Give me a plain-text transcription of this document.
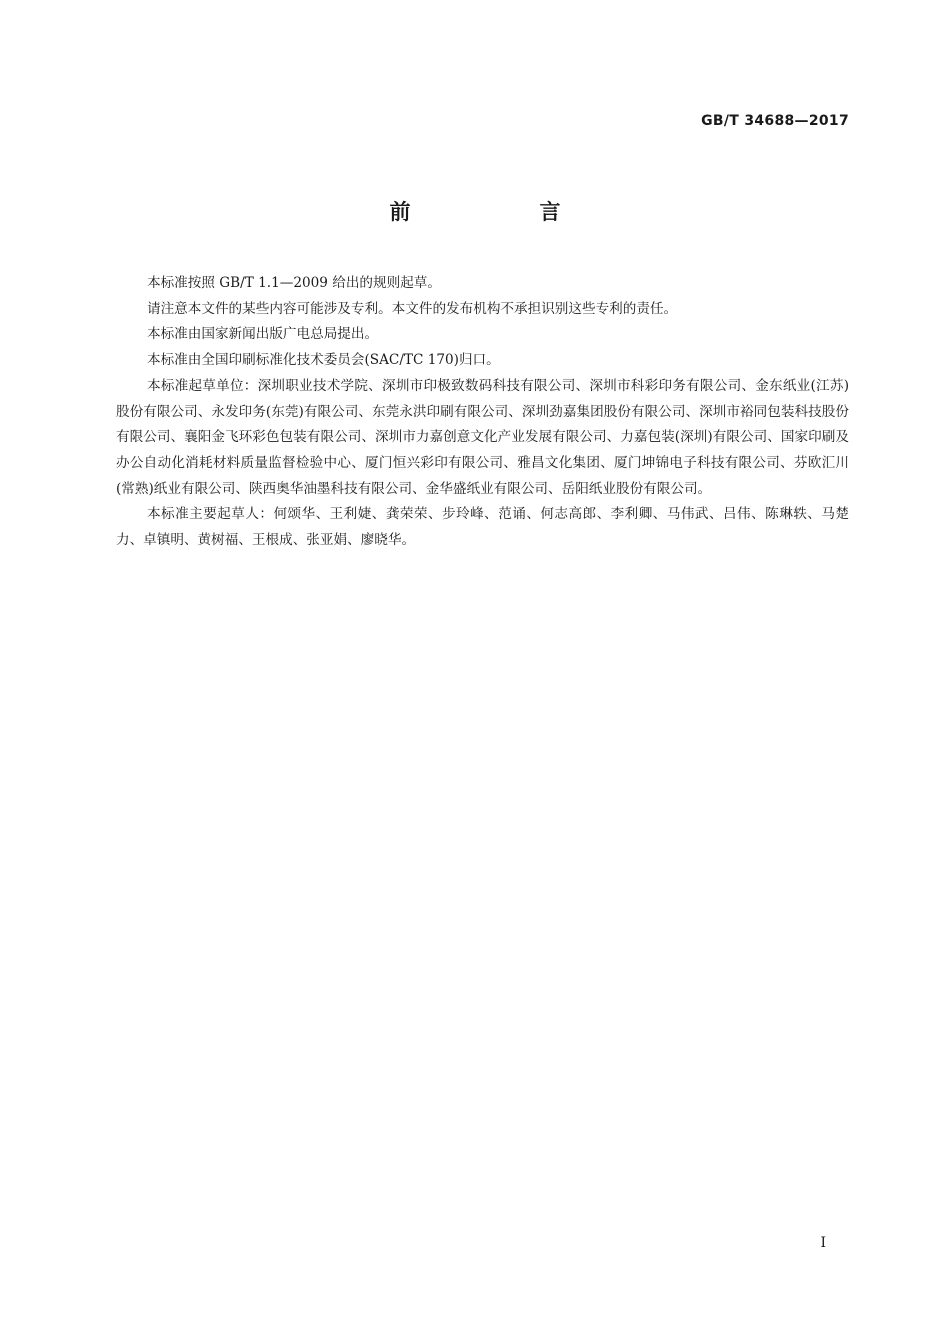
GB/T 34688—2017
前　言

本标准按照 GB/T 1.1—2009 给出的规则起草。

请注意本文件的某些内容可能涉及专利。本文件的发布机构不承担识别这些专利的责任。

本标准由国家新闻出版广电总局提出。

本标准由全国印刷标准化技术委员会(SAC/TC 170)归口。

本标准起草单位：深圳职业技术学院、深圳市印极致数码科技有限公司、深圳市科彩印务有限公司、金东纸业(江苏)股份有限公司、永发印务(东莞)有限公司、东莞永洪印刷有限公司、深圳劲嘉集团股份有限公司、深圳市裕同包装科技股份有限公司、襄阳金飞环彩色包装有限公司、深圳市力嘉创意文化产业发展有限公司、力嘉包装(深圳)有限公司、国家印刷及办公自动化消耗材料质量监督检验中心、厦门恒兴彩印有限公司、雅昌文化集团、厦门坤锦电子科技有限公司、芬欧汇川(常熟)纸业有限公司、陕西奥华油墨科技有限公司、金华盛纸业有限公司、岳阳纸业股份有限公司。

本标准主要起草人：何颂华、王利婕、龚荣荣、步玲峰、范诵、何志高郎、李利卿、马伟武、吕伟、陈琳轶、马楚力、卓镇明、黄树福、王根成、张亚娟、廖晓华。

I
